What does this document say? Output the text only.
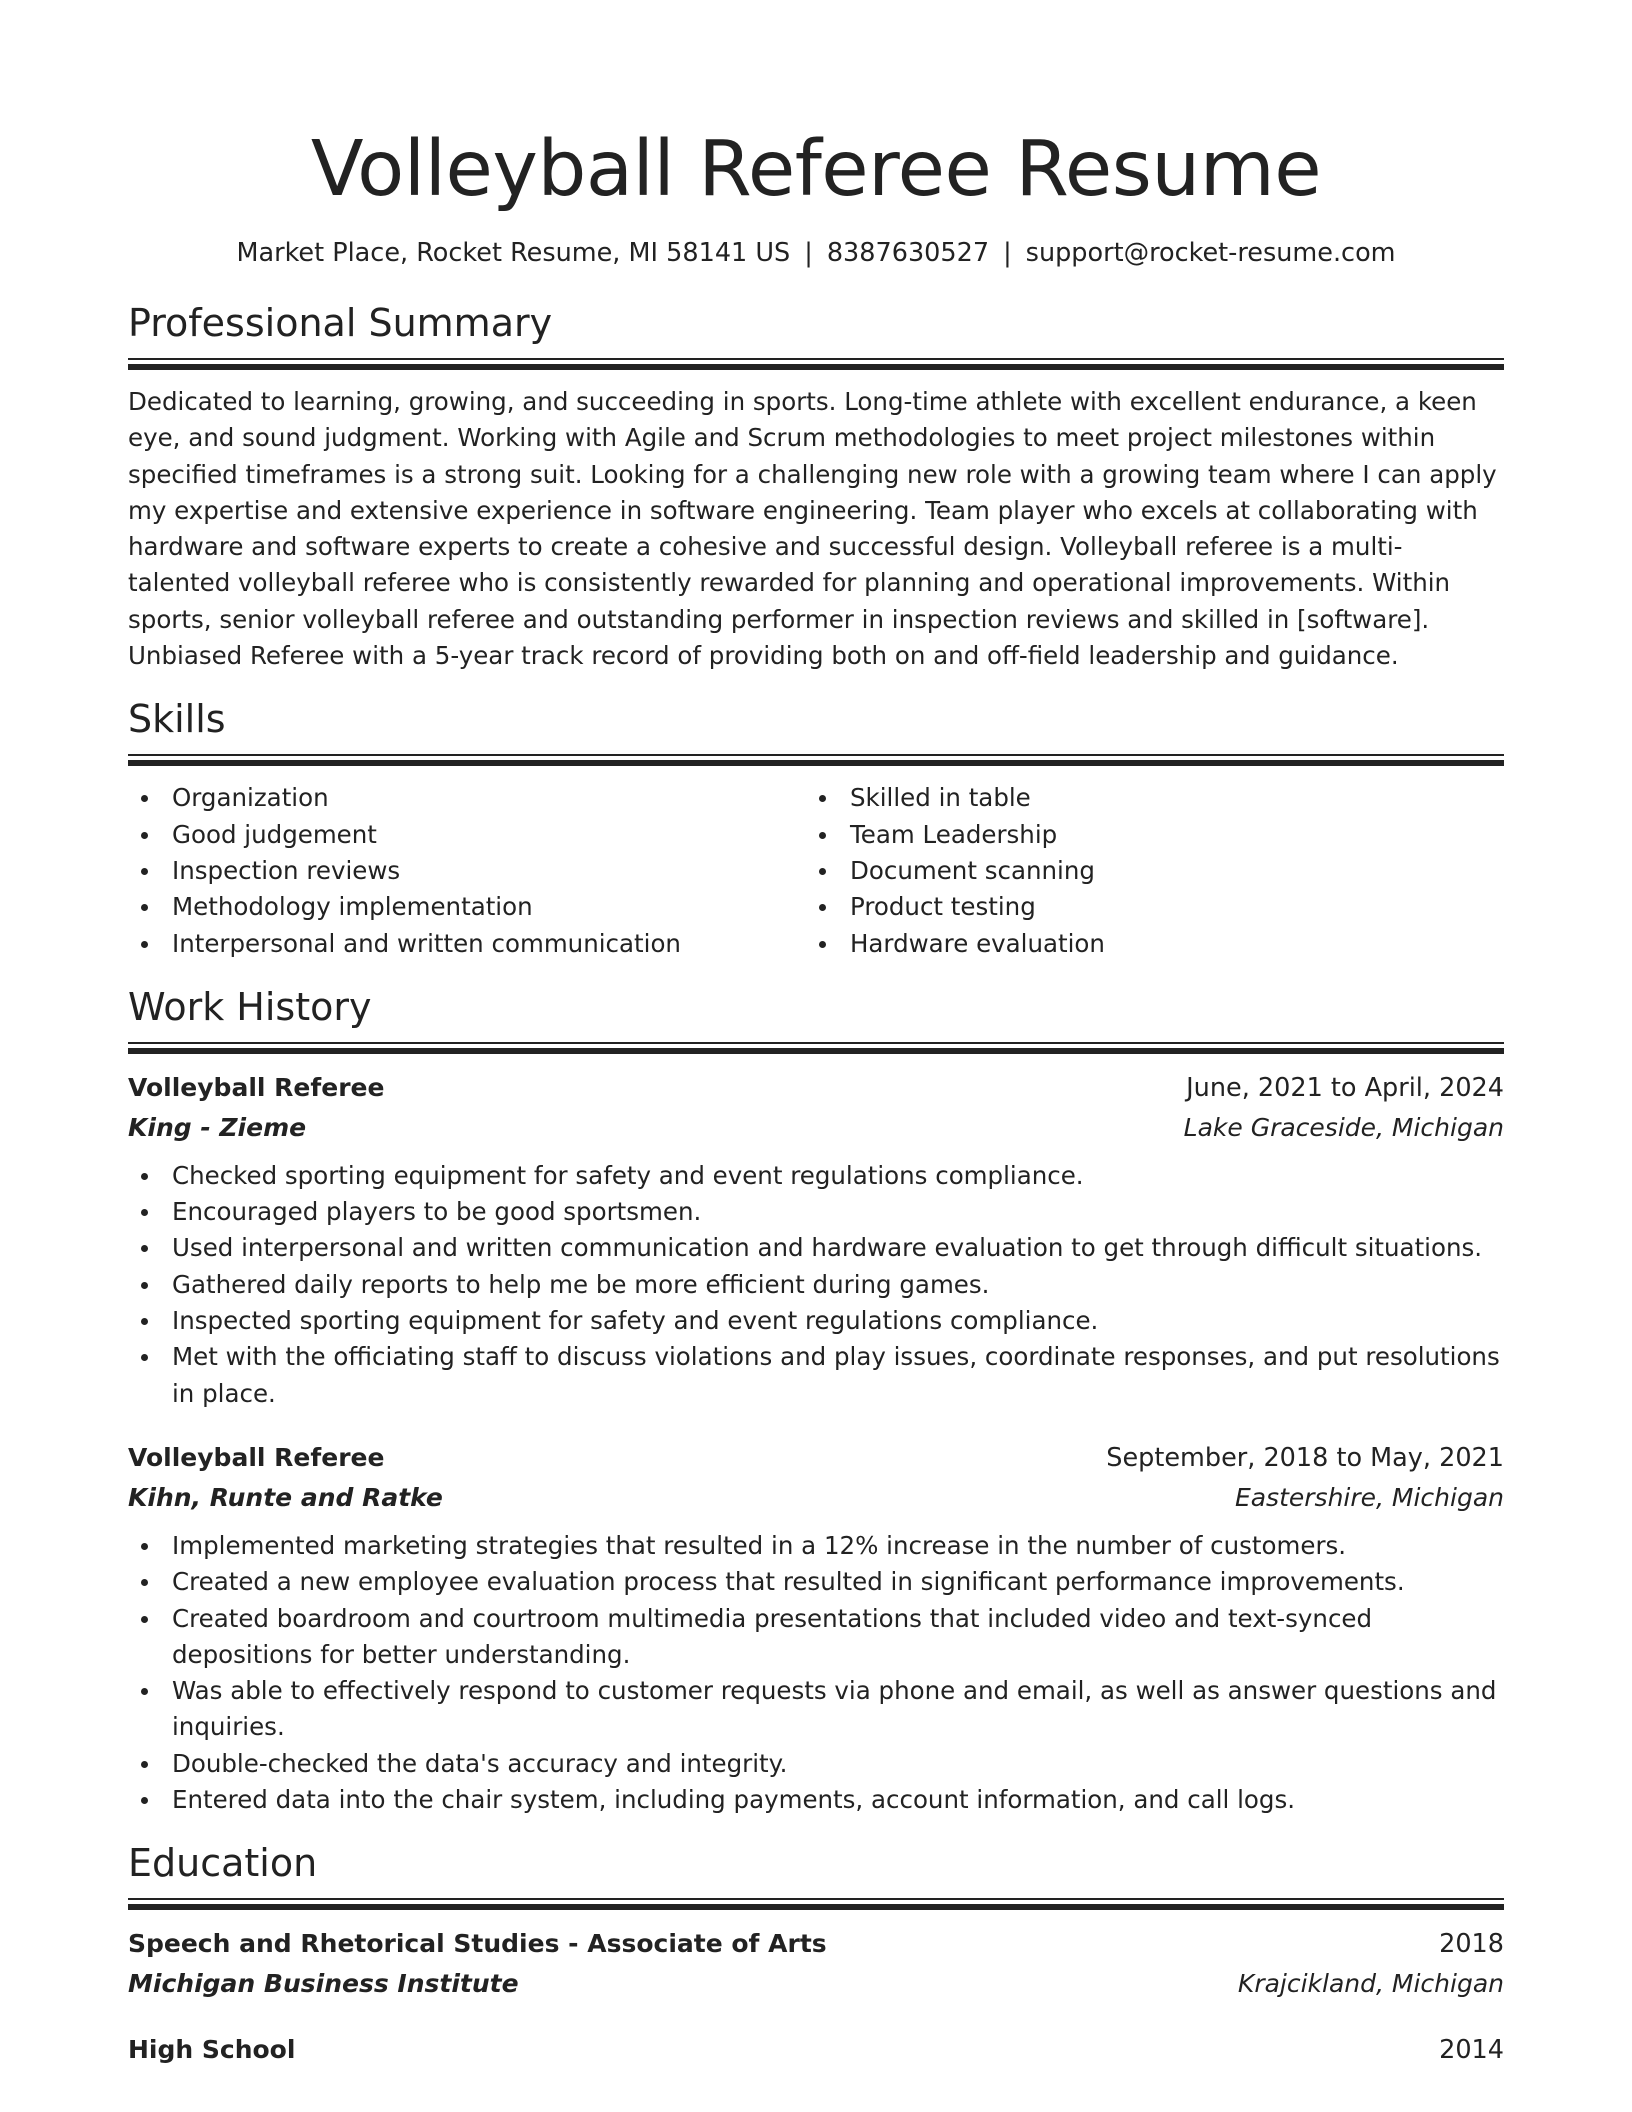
Volleyball Referee Resume
Market Place, Rocket Resume, MI 58141 US | 8387630527 | support@rocket-resume.com
Professional Summary

Dedicated to learning, growing, and succeeding in sports. Long-time athlete with excellent endurance, a keen eye, and sound judgment. Working with Agile and Scrum methodologies to meet project milestones within specified timeframes is a strong suit. Looking for a challenging new role with a growing team where I can apply my expertise and extensive experience in software engineering. Team player who excels at collaborating with hardware and software experts to create a cohesive and successful design. Volleyball referee is a multi-talented volleyball referee who is consistently rewarded for planning and operational improvements. Within sports, senior volleyball referee and outstanding performer in inspection reviews and skilled in [software]. Unbiased Referee with a 5-year track record of providing both on and off-field leadership and guidance.

Skills
Organization
Good judgement
Inspection reviews
Methodology implementation
Interpersonal and written communication
Skilled in table
Team Leadership
Document scanning
Product testing
Hardware evaluation
Work History
Volleyball Referee	June, 2021 to April, 2024
King - Zieme	Lake Graceside, Michigan
Checked sporting equipment for safety and event regulations compliance.
Encouraged players to be good sportsmen.
Used interpersonal and written communication and hardware evaluation to get through difficult situations.
Gathered daily reports to help me be more efficient during games.
Inspected sporting equipment for safety and event regulations compliance.
Met with the officiating staff to discuss violations and play issues, coordinate responses, and put resolutions in place.
Volleyball Referee	September, 2018 to May, 2021
Kihn, Runte and Ratke	Eastershire, Michigan
Implemented marketing strategies that resulted in a 12% increase in the number of customers.
Created a new employee evaluation process that resulted in significant performance improvements.
Created boardroom and courtroom multimedia presentations that included video and text-synced depositions for better understanding.
Was able to effectively respond to customer requests via phone and email, as well as answer questions and inquiries.
Double-checked the data's accuracy and integrity.
Entered data into the chair system, including payments, account information, and call logs.
Education
Speech and Rhetorical Studies - Associate of Arts	2018
Michigan Business Institute	Krajcikland, Michigan
High School	2014
